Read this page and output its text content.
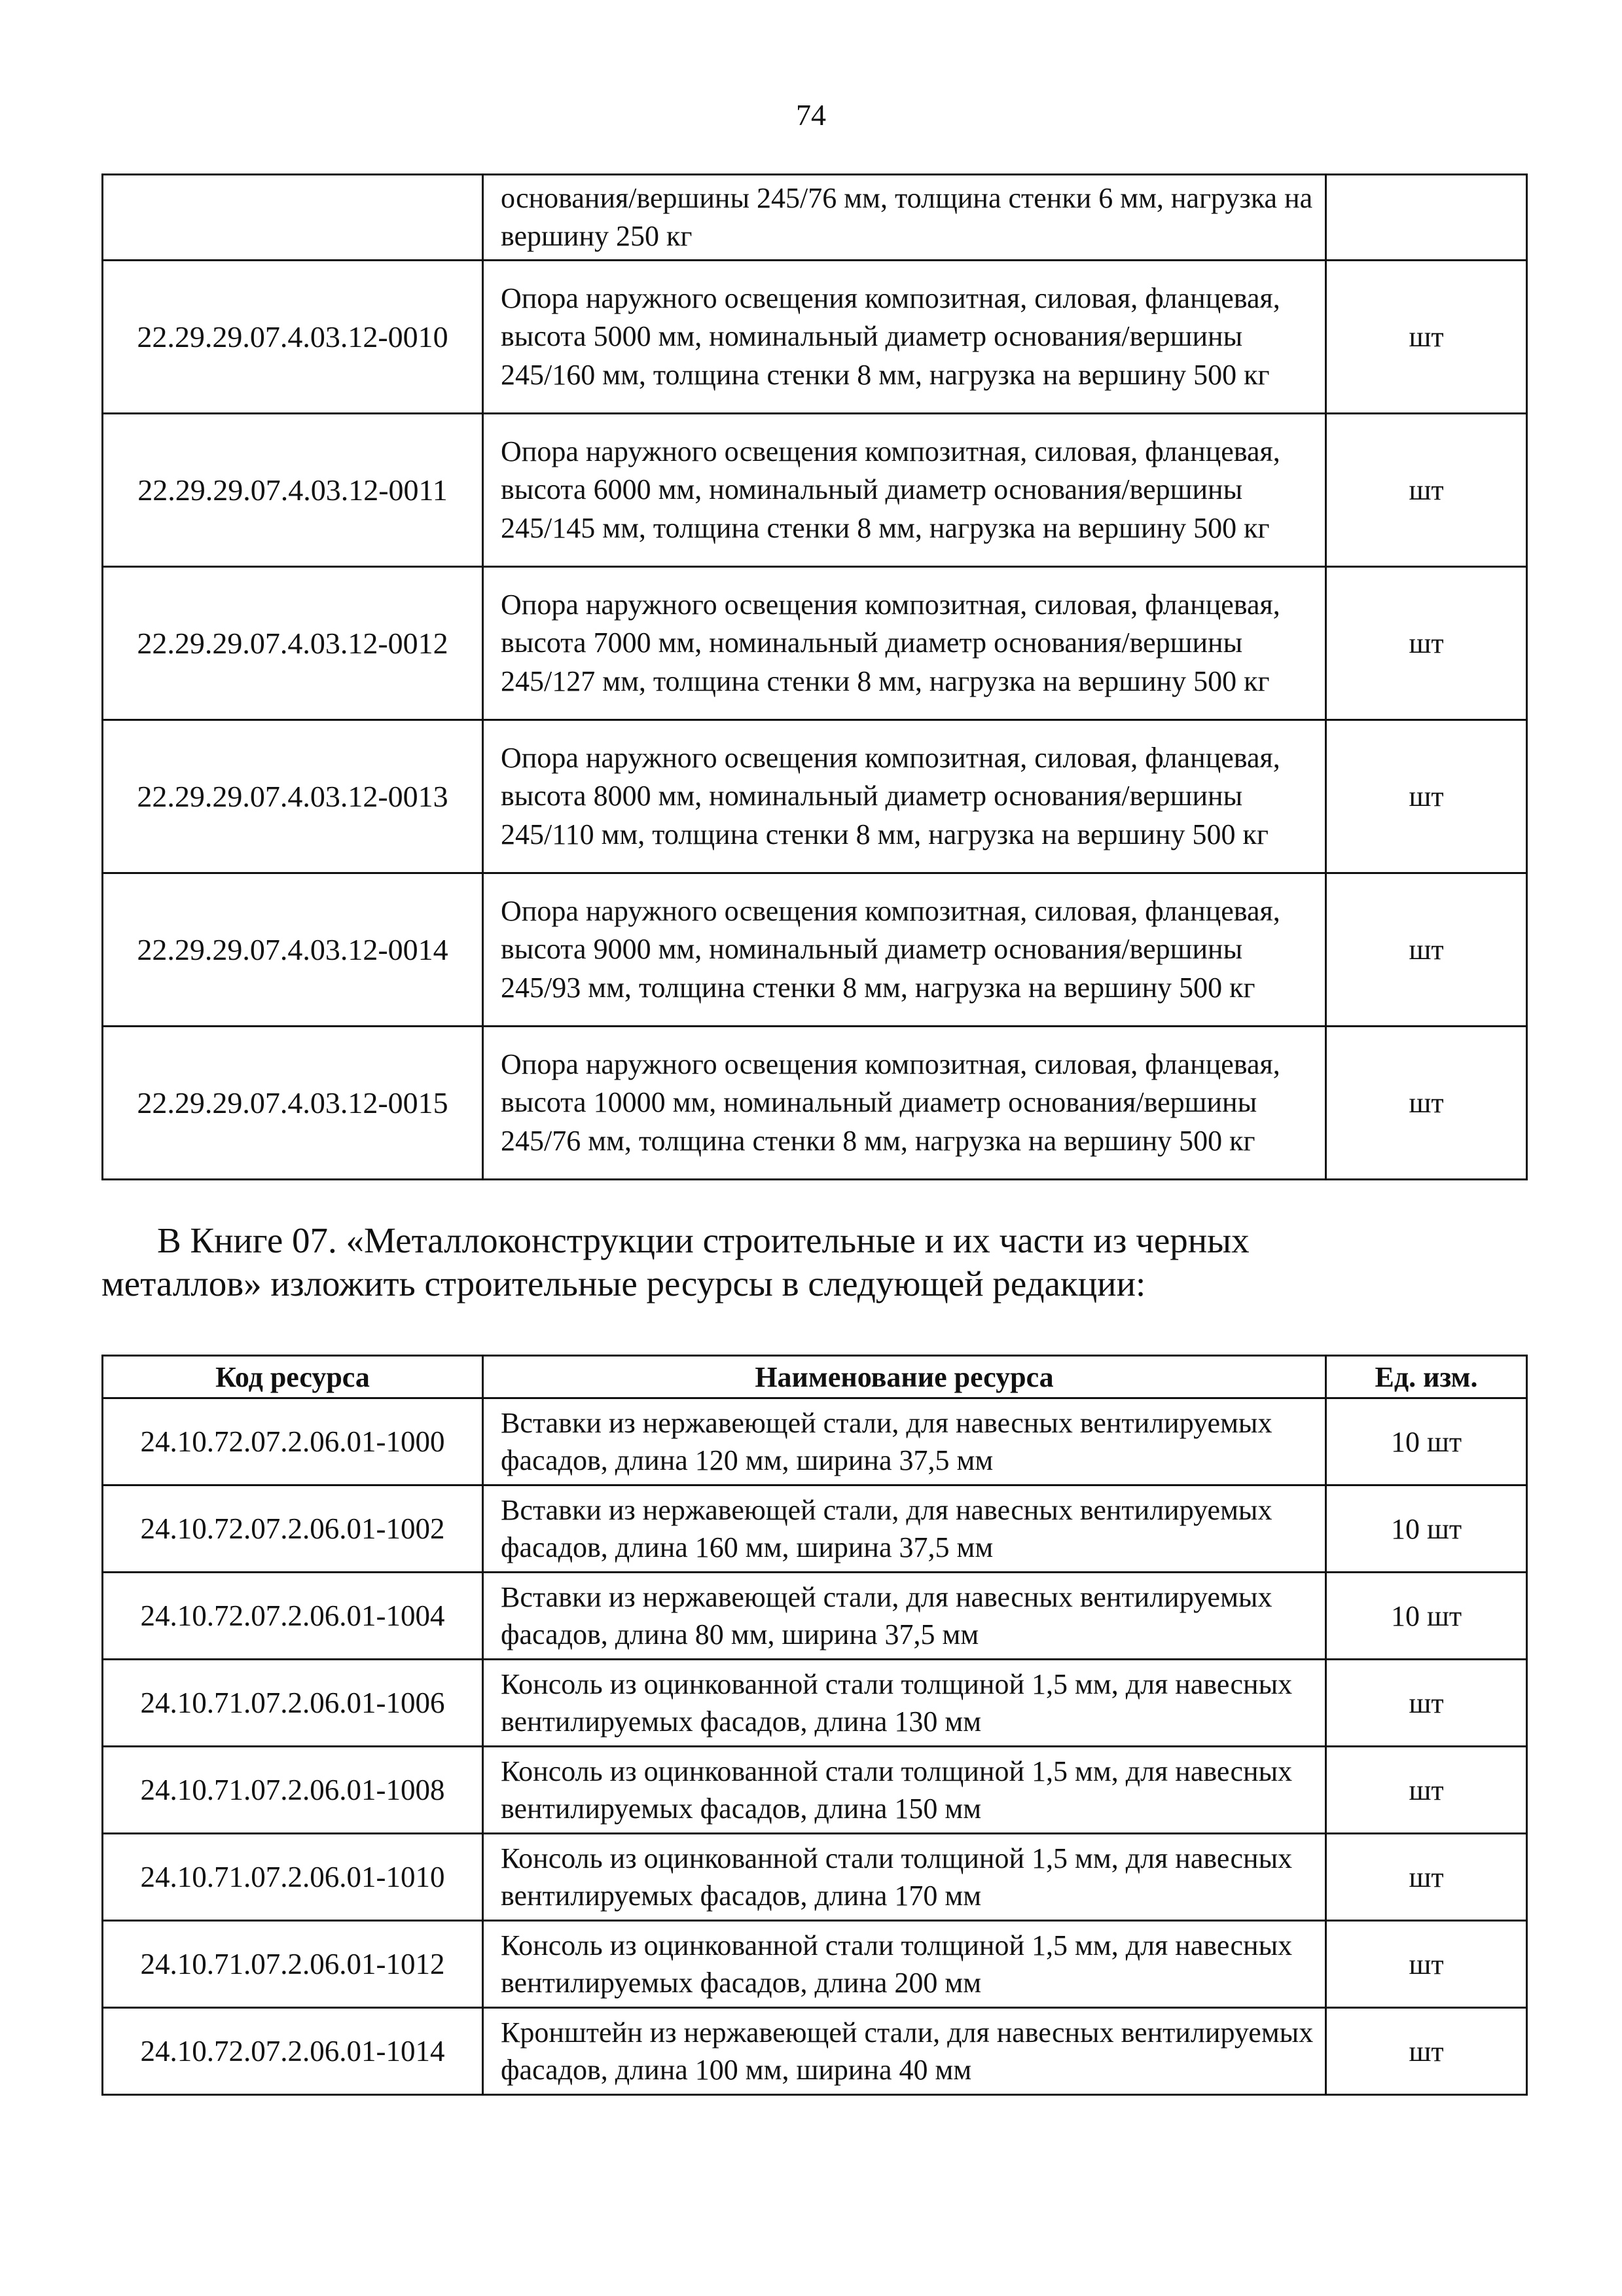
74
	основания/вершины 245/76 мм, толщина стенки 6 мм, нагрузка на вершину 250 кг	
22.29.29.07.4.03.12-0010	Опора наружного освещения композитная, силовая, фланцевая, высота 5000 мм, номинальный диаметр основания/вершины 245/160 мм, толщина стенки 8 мм, нагрузка на вершину 500 кг	шт
22.29.29.07.4.03.12-0011	Опора наружного освещения композитная, силовая, фланцевая, высота 6000 мм, номинальный диаметр основания/вершины 245/145 мм, толщина стенки 8 мм, нагрузка на вершину 500 кг	шт
22.29.29.07.4.03.12-0012	Опора наружного освещения композитная, силовая, фланцевая, высота 7000 мм, номинальный диаметр основания/вершины 245/127 мм, толщина стенки 8 мм, нагрузка на вершину 500 кг	шт
22.29.29.07.4.03.12-0013	Опора наружного освещения композитная, силовая, фланцевая, высота 8000 мм, номинальный диаметр основания/вершины 245/110 мм, толщина стенки 8 мм, нагрузка на вершину 500 кг	шт
22.29.29.07.4.03.12-0014	Опора наружного освещения композитная, силовая, фланцевая, высота 9000 мм, номинальный диаметр основания/вершины 245/93 мм, толщина стенки 8 мм, нагрузка на вершину 500 кг	шт
22.29.29.07.4.03.12-0015	Опора наружного освещения композитная, силовая, фланцевая, высота 10000 мм, номинальный диаметр основания/вершины 245/76 мм, толщина стенки 8 мм, нагрузка на вершину 500 кг	шт
В Книге 07. «Металлоконструкции строительные и их части из черных
металлов» изложить строительные ресурсы в следующей редакции:
Код ресурса	Наименование ресурса	Ед. изм.
24.10.72.07.2.06.01-1000	Вставки из нержавеющей стали, для навесных вентилируемых фасадов, длина 120 мм, ширина 37,5 мм	10 шт
24.10.72.07.2.06.01-1002	Вставки из нержавеющей стали, для навесных вентилируемых фасадов, длина 160 мм, ширина 37,5 мм	10 шт
24.10.72.07.2.06.01-1004	Вставки из нержавеющей стали, для навесных вентилируемых фасадов, длина 80 мм, ширина 37,5 мм	10 шт
24.10.71.07.2.06.01-1006	Консоль из оцинкованной стали толщиной 1,5 мм, для навесных вентилируемых фасадов, длина 130 мм	шт
24.10.71.07.2.06.01-1008	Консоль из оцинкованной стали толщиной 1,5 мм, для навесных вентилируемых фасадов, длина 150 мм	шт
24.10.71.07.2.06.01-1010	Консоль из оцинкованной стали толщиной 1,5 мм, для навесных вентилируемых фасадов, длина 170 мм	шт
24.10.71.07.2.06.01-1012	Консоль из оцинкованной стали толщиной 1,5 мм, для навесных вентилируемых фасадов, длина 200 мм	шт
24.10.72.07.2.06.01-1014	Кронштейн из нержавеющей стали, для навесных вентилируемых фасадов, длина 100 мм, ширина 40 мм	шт
